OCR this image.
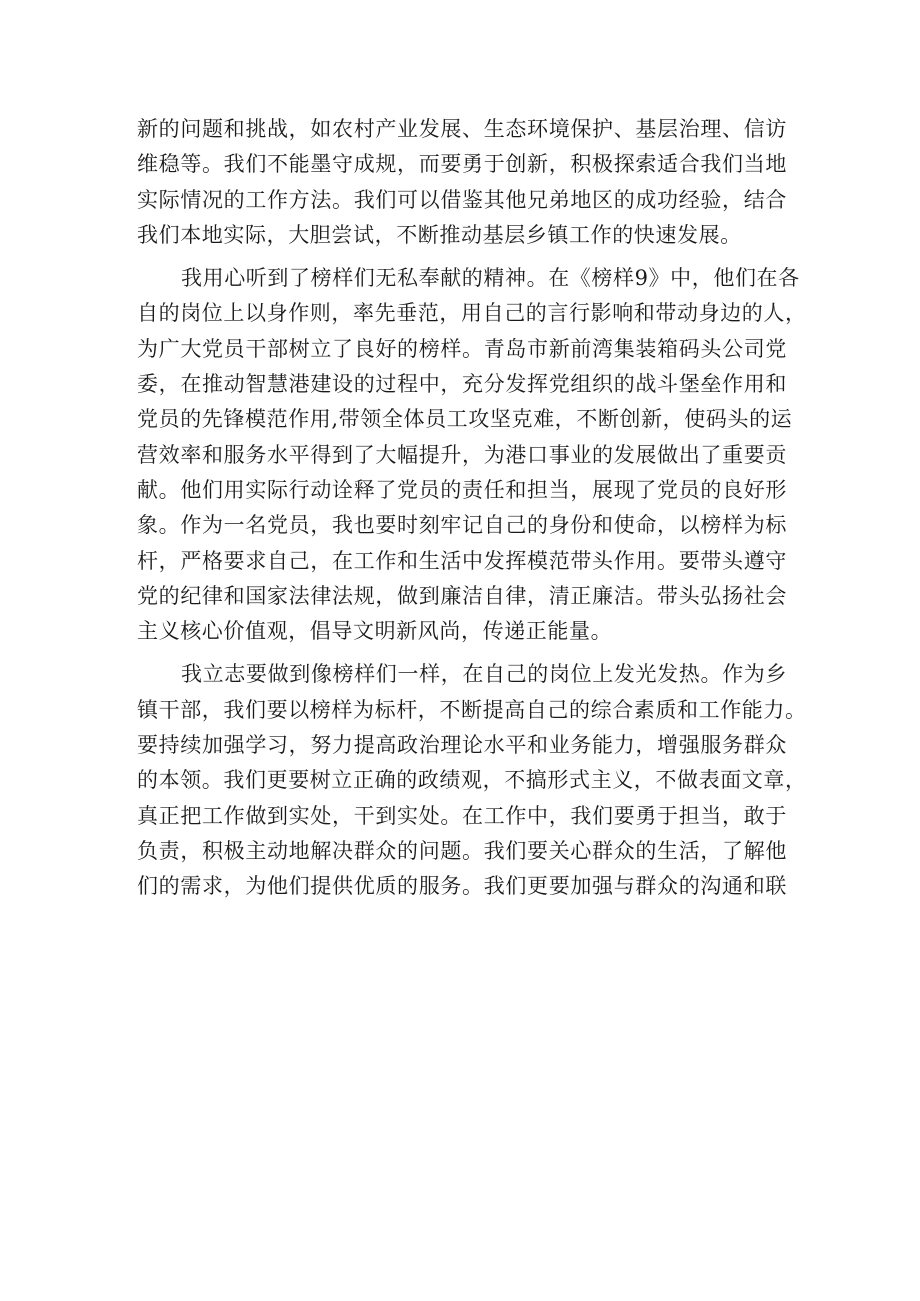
新的问题和挑战，如农村产业发展、生态环境保护、基层治理、信访
维稳等。我们不能墨守成规，而要勇于创新，积极探索适合我们当地
实际情况的工作方法。我们可以借鉴其他兄弟地区的成功经验，结合
我们本地实际，大胆尝试，不断推动基层乡镇工作的快速发展。
我用心听到了榜样们无私奉献的精神。在《榜样9》中，他们在各
自的岗位上以身作则，率先垂范，用自己的言行影响和带动身边的人，
为广大党员干部树立了良好的榜样。青岛市新前湾集装箱码头公司党
委，在推动智慧港建设的过程中，充分发挥党组织的战斗堡垒作用和
党员的先锋模范作用,带领全体员工攻坚克难，不断创新，使码头的运
营效率和服务水平得到了大幅提升，为港口事业的发展做出了重要贡
献。他们用实际行动诠释了党员的责任和担当，展现了党员的良好形
象。作为一名党员，我也要时刻牢记自己的身份和使命，以榜样为标
杆，严格要求自己，在工作和生活中发挥模范带头作用。要带头遵守
党的纪律和国家法律法规，做到廉洁自律，清正廉洁。带头弘扬社会
主义核心价值观，倡导文明新风尚，传递正能量。
我立志要做到像榜样们一样，在自己的岗位上发光发热。作为乡
镇干部，我们要以榜样为标杆，不断提高自己的综合素质和工作能力。
要持续加强学习，努力提高政治理论水平和业务能力，增强服务群众
的本领。我们更要树立正确的政绩观，不搞形式主义，不做表面文章，
真正把工作做到实处，干到实处。在工作中，我们要勇于担当，敢于
负责，积极主动地解决群众的问题。我们要关心群众的生活，了解他
们的需求，为他们提供优质的服务。我们更要加强与群众的沟通和联
